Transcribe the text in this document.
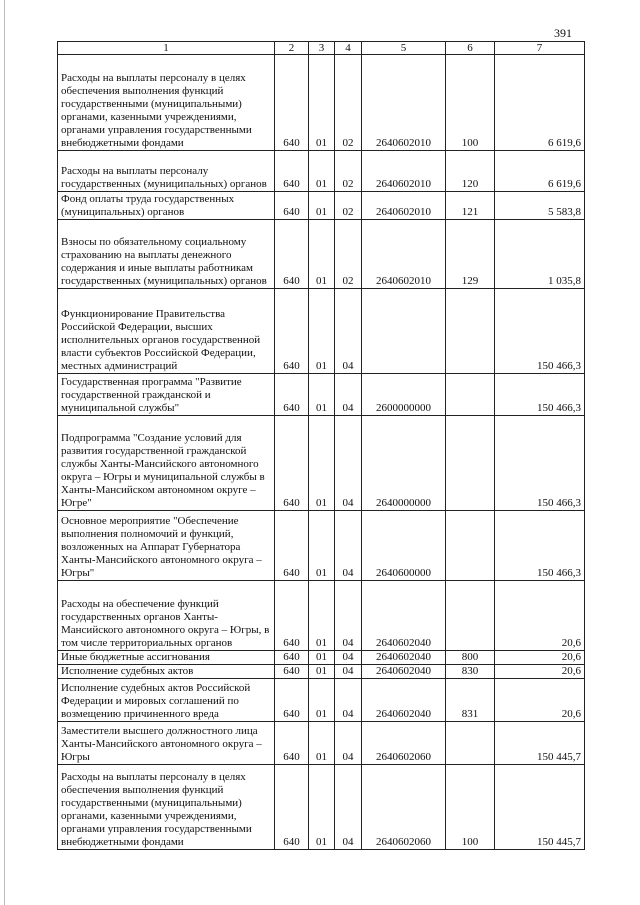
391
1	2	3	4	5	6	7
Расходы на выплаты персоналу в целях обеспечения выполнения функций государственными (муниципальными) органами, казенными учреждениями, органами управления государственными внебюджетными фондами	640	01	02	2640602010	100	6 619,6
Расходы на выплаты персоналу государственных (муниципальных) органов	640	01	02	2640602010	120	6 619,6
Фонд оплаты труда государственных (муниципальных) органов	640	01	02	2640602010	121	5 583,8
Взносы по обязательному социальному страхованию на выплаты денежного содержания и иные выплаты работникам государственных (муниципальных) органов	640	01	02	2640602010	129	1 035,8
Функционирование Правительства Российской Федерации, высших исполнительных органов государственной власти субъектов Российской Федерации, местных администраций	640	01	04			150 466,3
Государственная программа "Развитие государственной гражданской и муниципальной службы"	640	01	04	2600000000		150 466,3
Подпрограмма "Создание условий для развития государственной гражданской службы Ханты-Мансийского автономного округа – Югры и муниципальной службы в Ханты-Мансийском автономном округе – Югре"	640	01	04	2640000000		150 466,3
Основное мероприятие "Обеспечение выполнения полномочий и функций, возложенных на Аппарат Губернатора Ханты-Мансийского автономного округа – Югры"	640	01	04	2640600000		150 466,3
Расходы на обеспечение функций государственных органов Ханты-Мансийского автономного округа – Югры, в том числе территориальных органов	640	01	04	2640602040		20,6
Иные бюджетные ассигнования	640	01	04	2640602040	800	20,6
Исполнение судебных актов	640	01	04	2640602040	830	20,6
Исполнение судебных актов Российской Федерации и мировых соглашений по возмещению причиненного вреда	640	01	04	2640602040	831	20,6
Заместители высшего должностного лица Ханты-Мансийского автономного округа – Югры	640	01	04	2640602060		150 445,7
Расходы на выплаты персоналу в целях обеспечения выполнения функций государственными (муниципальными) органами, казенными учреждениями, органами управления государственными внебюджетными фондами	640	01	04	2640602060	100	150 445,7
